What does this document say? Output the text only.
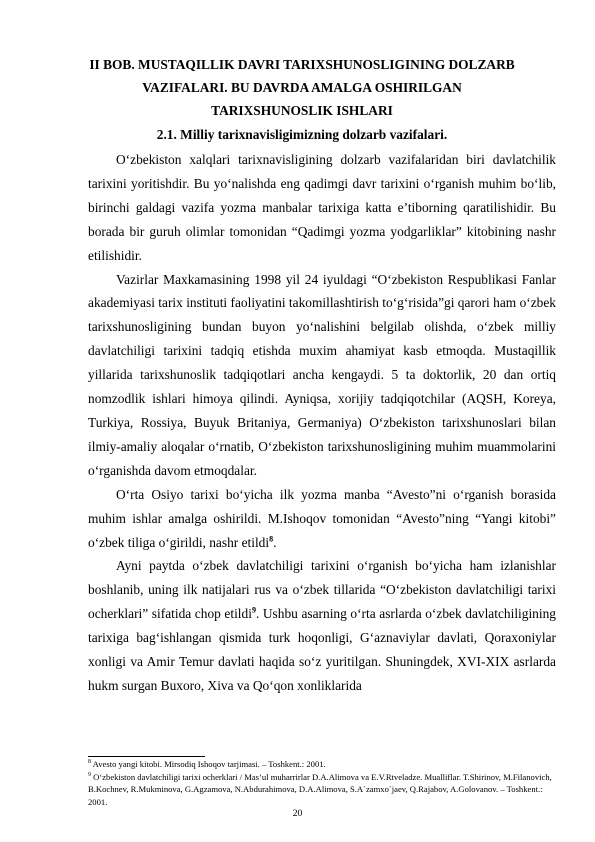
II BOB. MUSTAQILLIK DAVRI TARIXSHUNOSLIGINING DOLZARB
VAZIFALARI. BU DAVRDA AMALGA OSHIRILGAN
TARIXSHUNOSLIK ISHLARI
2.1. Milliy tarixnavisligimizning dolzarb vazifalari.

O‘zbekiston xalqlari tarixnavisligining dolzarb vazifalaridan biri davlatchilik tarixini yoritishdir. Bu yo‘nalishda eng qadimgi davr tarixini o‘rganish muhim bo‘lib, birinchi galdagi vazifa yozma manbalar tarixiga katta e’tiborning qaratilishidir. Bu borada bir guruh olimlar tomonidan “Qadimgi yozma yodgarliklar” kitobining nashr etilishidir.

Vazirlar Maxkamasining 1998 yil 24 iyuldagi “O‘zbekiston Respublikasi Fanlar akademiyasi tarix instituti faoliyatini takomillashtirish to‘g‘risida”gi qarori ham o‘zbek tarixshunosligining bundan buyon yo‘nalishini belgilab olishda, o‘zbek milliy davlatchiligi tarixini tadqiq etishda muxim ahamiyat kasb etmoqda. Mustaqillik yillarida tarixshunoslik tadqiqotlari ancha kengaydi. 5 ta doktorlik, 20 dan ortiq nomzodlik ishlari himoya qilindi. Ayniqsa, xorijiy tadqiqotchilar (AQSH, Koreya, Turkiya, Rossiya, Buyuk Britaniya, Germaniya) O‘zbekiston tarixshunoslari bilan ilmiy-amaliy aloqalar o‘rnatib, O‘zbekiston tarixshunosligining muhim muammolarini o‘rganishda davom etmoqdalar.

O‘rta Osiyo tarixi bo‘yicha ilk yozma manba “Avesto”ni o‘rganish borasida muhim ishlar amalga oshirildi. M.Ishoqov tomonidan “Avesto”ning “Yangi kitobi” o‘zbek tiliga o‘girildi, nashr etildi$^8$.

Ayni paytda o‘zbek davlatchiligi tarixini o‘rganish bo‘yicha ham izlanishlar boshlanib, uning ilk natijalari rus va o‘zbek tillarida “O‘zbekiston davlatchiligi tarixi ocherklari” sifatida chop etildi$^9$. Ushbu asarning o‘rta asrlarda o‘zbek davlatchiligining tarixiga bag‘ishlangan qismida turk hoqonligi, G‘aznaviylar davlati, Qoraxoniylar xonligi va Amir Temur davlati haqida so‘z yuritilgan. Shuningdek, XVI-XIX asrlarda hukm surgan Buxoro, Xiva va Qo‘qon xonliklarida

$^8$ Avesto yangi kitobi. Mirsodiq Ishoqov tarjimasi. – Toshkent.: 2001.

$^9$ O‘zbekiston davlatchiligi tarixi ocherklari / Mas’ul muharrirlar D.A.Alimova va E.V.Rtveladze. Mualliflar. T.Shirinov, M.Filanovich, B.Kochnev, R.Mukminova, G.Agzamova, N.Abdurahimova, D.A.Alimova, S.A`zamxo`jaev, Q.Rajabov, A.Golovanov. – Toshkent.: 2001.

20
